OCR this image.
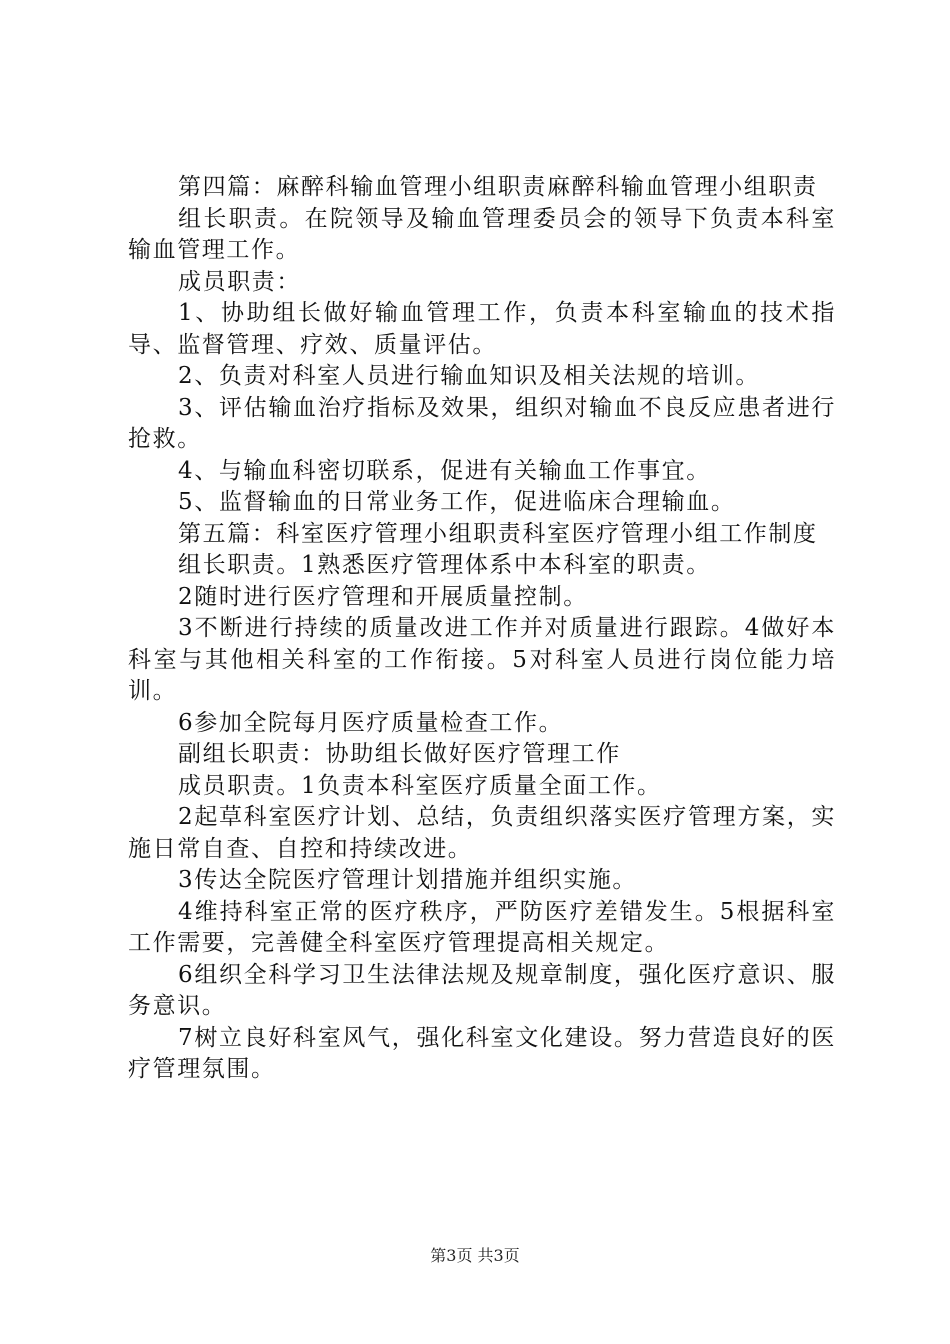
第四篇：麻醉科输血管理小组职责麻醉科输血管理小组职责

组长职责。在院领导及输血管理委员会的领导下负责本科室输血管理工作。

成员职责：

1、协助组长做好输血管理工作，负责本科室输血的技术指导、监督管理、疗效、质量评估。

2、负责对科室人员进行输血知识及相关法规的培训。

3、评估输血治疗指标及效果，组织对输血不良反应患者进行抢救。

4、与输血科密切联系，促进有关输血工作事宜。

5、监督输血的日常业务工作，促进临床合理输血。

第五篇：科室医疗管理小组职责科室医疗管理小组工作制度

组长职责。1熟悉医疗管理体系中本科室的职责。

2随时进行医疗管理和开展质量控制。

3不断进行持续的质量改进工作并对质量进行跟踪。4做好本科室与其他相关科室的工作衔接。5对科室人员进行岗位能力培训。

6参加全院每月医疗质量检查工作。

副组长职责：协助组长做好医疗管理工作

成员职责。1负责本科室医疗质量全面工作。

2起草科室医疗计划、总结，负责组织落实医疗管理方案，实施日常自查、自控和持续改进。

3传达全院医疗管理计划措施并组织实施。

4维持科室正常的医疗秩序，严防医疗差错发生。5根据科室工作需要，完善健全科室医疗管理提高相关规定。

6组织全科学习卫生法律法规及规章制度，强化医疗意识、服务意识。

7树立良好科室风气，强化科室文化建设。努力营造良好的医疗管理氛围。

第3页 共3页
